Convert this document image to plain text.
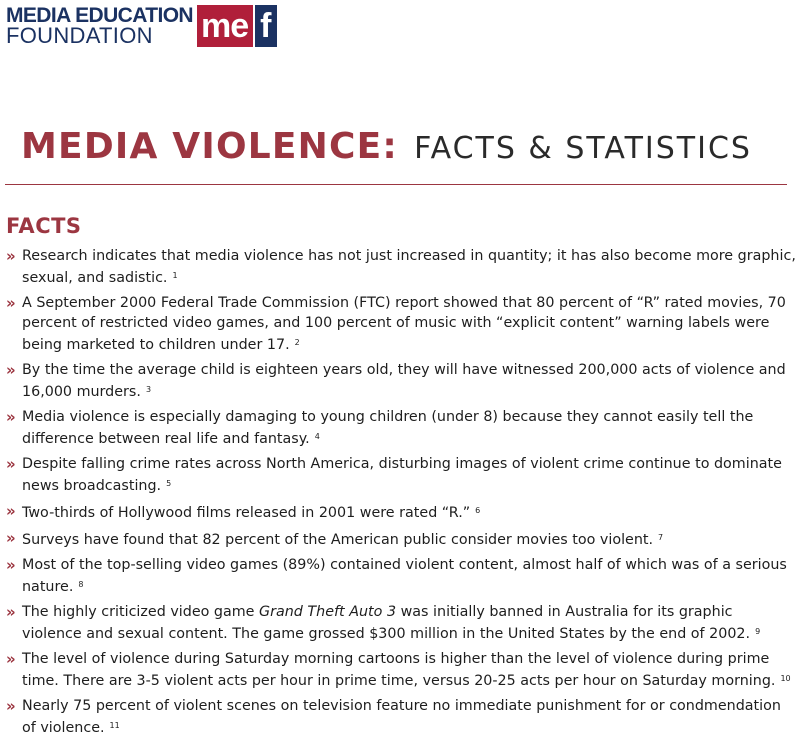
MEDIA EDUCATION
FOUNDATION	me f
MEDIA VIOLENCE: FACTS & STATISTICS
FACTS
» Research indicates that media violence has not just increased in quantity; it has also become more graphic, sexual, and sadistic. $^1$
» A September 2000 Federal Trade Commission (FTC) report showed that 80 percent of “R” rated movies, 70 percent of restricted video games, and 100 percent of music with “explicit content” warning labels were being marketed to children under 17. $^2$
» By the time the average child is eighteen years old, they will have witnessed 200,000 acts of violence and 16,000 murders. $^3$
» Media violence is especially damaging to young children (under 8) because they cannot easily tell the difference between real life and fantasy. $^4$
» Despite falling crime rates across North America, disturbing images of violent crime continue to dominate news broadcasting. $^5$
» Two-thirds of Hollywood films released in 2001 were rated “R.” $^6$
» Surveys have found that 82 percent of the American public consider movies too violent. $^7$
» Most of the top-selling video games (89%) contained violent content, almost half of which was of a serious nature. $^8$
» The highly criticized video game Grand Theft Auto 3 was initially banned in Australia for its graphic violence and sexual content. The game grossed $300 million in the United States by the end of 2002. $^9$
» The level of violence during Saturday morning cartoons is higher than the level of violence during prime time. There are 3-5 violent acts per hour in prime time, versus 20-25 acts per hour on Saturday morning. $^{10}$
» Nearly 75 percent of violent scenes on television feature no immediate punishment for or condmendation of violence. $^{11}$
